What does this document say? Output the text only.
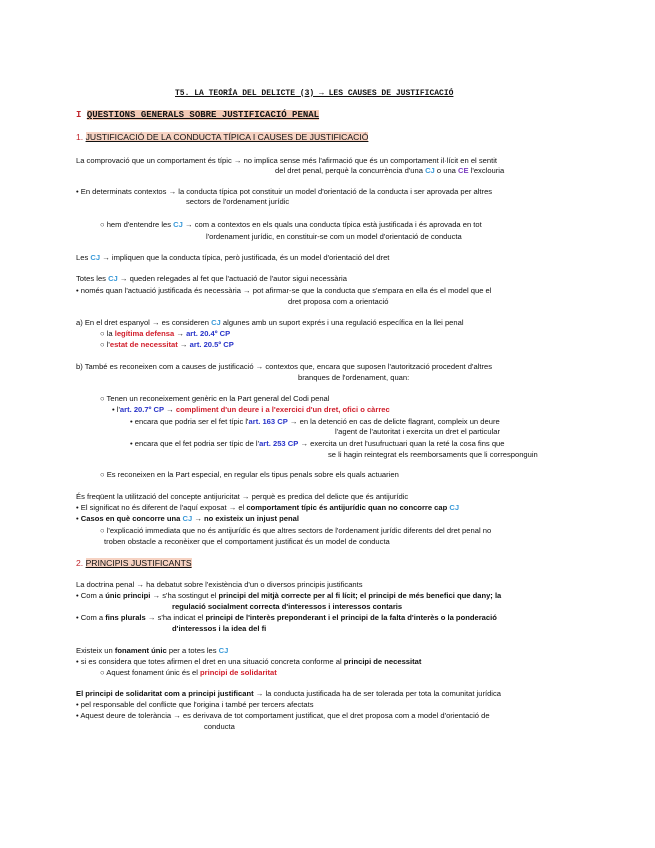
T5. LA TEORÍA DEL DELICTE (3) → LES CAUSES DE JUSTIFICACIÓ
I QUESTIONS GENERALS SOBRE JUSTIFICACIÓ PENAL
1. JUSTIFICACIÓ DE LA CONDUCTA TÍPICA I CAUSES DE JUSTIFICACIÓ
La comprovació que un comportament és típic → no implica sense més l'afirmació que és un comportament il·lícit en el sentit
del dret penal, perquè la concurrència d'una CJ o una CE l'exclouria
• En determinats contextos → la conducta típica pot constituir un model d'orientació de la conducta i ser aprovada per altres
sectors de l'ordenament jurídic
○ hem d'entendre les CJ → com a contextos en els quals una conducta típica està justificada i és aprovada en tot
l'ordenament jurídic, en constituir-se com un model d'orientació de conducta
Les CJ → impliquen que la conducta típica, però justificada, és un model d'orientació del dret
Totes les CJ → queden relegades al fet que l'actuació de l'autor sigui necessària
• només quan l'actuació justificada és necessària → pot afirmar-se que la conducta que s'empara en ella és el model que el
dret proposa com a orientació
a) En el dret espanyol → es consideren CJ algunes amb un suport exprés i una regulació específica en la llei penal
○ la legítima defensa → art. 20.4º CP
○ l'estat de necessitat → art. 20.5º CP
b) També es reconeixen com a causes de justificació → contextos que, encara que suposen l'autorització procedent d'altres
branques de l'ordenament, quan:
○ Tenen un reconeixement genèric en la Part general del Codi penal
• l'art. 20.7º CP → compliment d'un deure i a l'exercici d'un dret, ofici o càrrec
• encara que podria ser el fet típic l'art. 163 CP → en la detenció en cas de delicte flagrant, compleix un deure
l'agent de l'autoritat i exercita un dret el particular
• encara que el fet podria ser típic de l'art. 253 CP → exercita un dret l'usufructuari quan la reté la cosa fins que
se li hagin reintegrat els reemborsaments que li corresponguin
○ Es reconeixen en la Part especial, en regular els tipus penals sobre els quals actuarien
És freqüent la utilització del concepte antijuricitat → perquè es predica del delicte que és antijurídic
• El significat no és diferent de l'aquí exposat → el comportament típic és antijurídic quan no concorre cap CJ
• Casos en què concorre una CJ → no existeix un injust penal
○ l'explicació immediata que no és antijurídic és que altres sectors de l'ordenament jurídic diferents del dret penal no
troben obstacle a reconèixer que el comportament justificat és un model de conducta
2. PRINCIPIS JUSTIFICANTS
La doctrina penal → ha debatut sobre l'existència d'un o diversos principis justificants
• Com a únic principi → s'ha sostingut el principi del mitjà correcte per al fi lícit; el principi de més benefici que dany; la
regulació socialment correcta d'interessos i interessos contaris
• Com a fins plurals → s'ha indicat el principi de l'interès preponderant i el principi de la falta d'interès o la ponderació
d'interessos i la idea del fi
Existeix un fonament únic per a totes les CJ
• si es considera que totes afirmen el dret en una situació concreta conforme al principi de necessitat
○ Aquest fonament únic és el principi de solidaritat
El principi de solidaritat com a principi justificant → la conducta justificada ha de ser tolerada per tota la comunitat jurídica
• pel responsable del conflicte que l'origina i també per tercers afectats
• Aquest deure de tolerància → es derivava de tot comportament justificat, que el dret proposa com a model d'orientació de
conducta
